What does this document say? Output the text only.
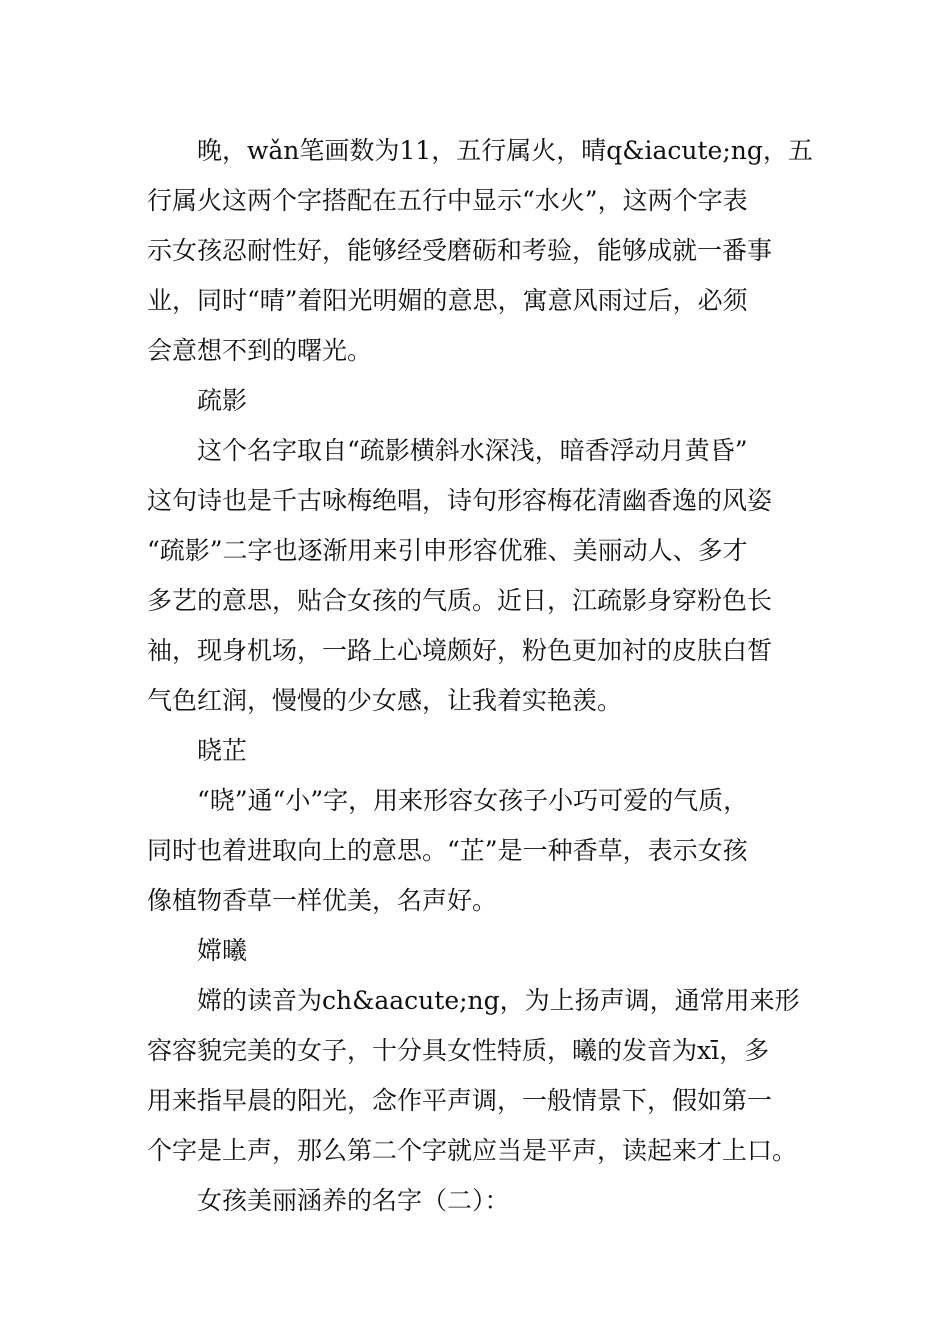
　　晚，wǎn笔画数为11，五行属火，晴q&iacute;ng，五

行属火这两个字搭配在五行中显示“水火”，这两个字表

示女孩忍耐性好，能够经受磨砺和考验，能够成就一番事

业，同时“晴”着阳光明媚的意思，寓意风雨过后，必须

会意想不到的曙光。

　　疏影

　　这个名字取自“疏影横斜水深浅，暗香浮动月黄昏”

这句诗也是千古咏梅绝唱，诗句形容梅花清幽香逸的风姿

“疏影”二字也逐渐用来引申形容优雅、美丽动人、多才

多艺的意思，贴合女孩的气质。近日，江疏影身穿粉色长

袖，现身机场，一路上心境颇好，粉色更加衬的皮肤白皙

气色红润，慢慢的少女感，让我着实艳羡。

　　晓芷

　　“晓”通“小”字，用来形容女孩子小巧可爱的气质，

同时也着进取向上的意思。“芷”是一种香草，表示女孩

像植物香草一样优美，名声好。

　　嫦曦

　　嫦的读音为ch&aacute;ng，为上扬声调，通常用来形

容容貌完美的女子，十分具女性特质，曦的发音为xī，多

用来指早晨的阳光，念作平声调，一般情景下，假如第一

个字是上声，那么第二个字就应当是平声，读起来才上口。

　　女孩美丽涵养的名字（二）：
